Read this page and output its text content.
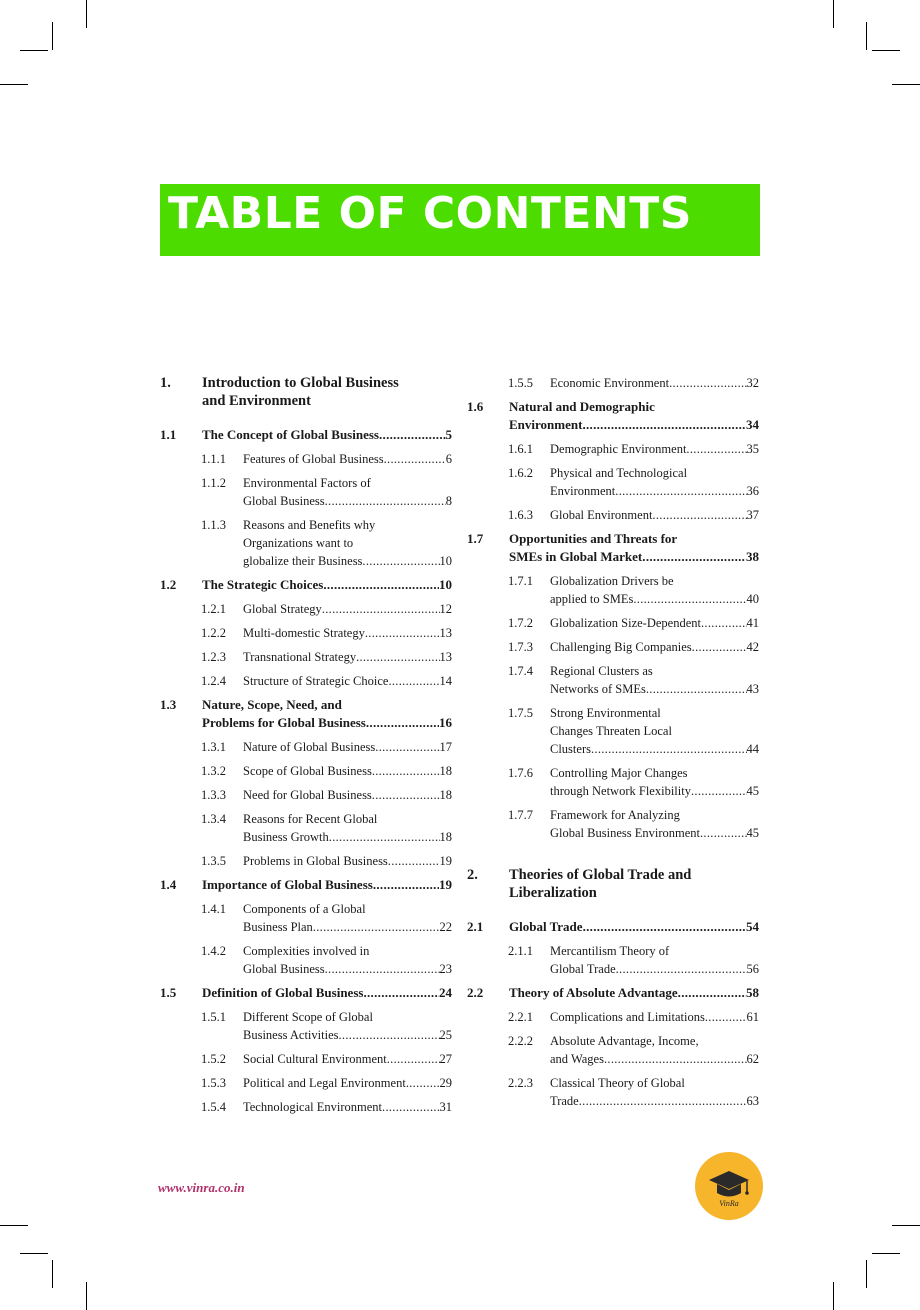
TABLE OF CONTENTS
1. Introduction to Global Business
and Environment
1.1 The Concept of Global Business .....	5
1.1.1 Features of Global Business .....	6
1.1.2 Environmental Factors of
Global Business .....	8
1.1.3 Reasons and Benefits why
Organizations want to
globalize their Business .....	10
1.2 The Strategic Choices .....	10
1.2.1 Global Strategy .....	12
1.2.2 Multi-domestic Strategy .....	13
1.2.3 Transnational Strategy .....	13
1.2.4 Structure of Strategic Choice .....	14
1.3 Nature, Scope, Need, and
Problems for Global Business .....	16
1.3.1 Nature of Global Business .....	17
1.3.2 Scope of Global Business .....	18
1.3.3 Need for Global Business .....	18
1.3.4 Reasons for Recent Global
Business Growth .....	18
1.3.5 Problems in Global Business .....	19
1.4 Importance of Global Business .....	19
1.4.1 Components of a Global
Business Plan .....	22
1.4.2 Complexities involved in
Global Business .....	23
1.5 Definition of Global Business .....	24
1.5.1 Different Scope of Global
Business Activities .....	25
1.5.2 Social Cultural Environment .....	27
1.5.3 Political and Legal Environment .....	29
1.5.4 Technological Environment .....	31
1.5.5 Economic Environment .....	32
1.6 Natural and Demographic
Environment .....	34
1.6.1 Demographic Environment .....	35
1.6.2 Physical and Technological
Environment .....	36
1.6.3 Global Environment .....	37
1.7 Opportunities and Threats for
SMEs in Global Market .....	38
1.7.1 Globalization Drivers be
applied to SMEs .....	40
1.7.2 Globalization Size-Dependent .....	41
1.7.3 Challenging Big Companies .....	42
1.7.4 Regional Clusters as
Networks of SMEs .....	43
1.7.5 Strong Environmental
Changes Threaten Local
Clusters .....	44
1.7.6 Controlling Major Changes
through Network Flexibility .....	45
1.7.7 Framework for Analyzing
Global Business Environment .....	45
2. Theories of Global Trade and
Liberalization
2.1 Global Trade .....	54
2.1.1 Mercantilism Theory of
Global Trade .....	56
2.2 Theory of Absolute Advantage .....	58
2.2.1 Complications and Limitations .....	61
2.2.2 Absolute Advantage, Income,
and Wages .....	62
2.2.3 Classical Theory of Global
Trade .....	63
www.vinra.co.in
VinRa
